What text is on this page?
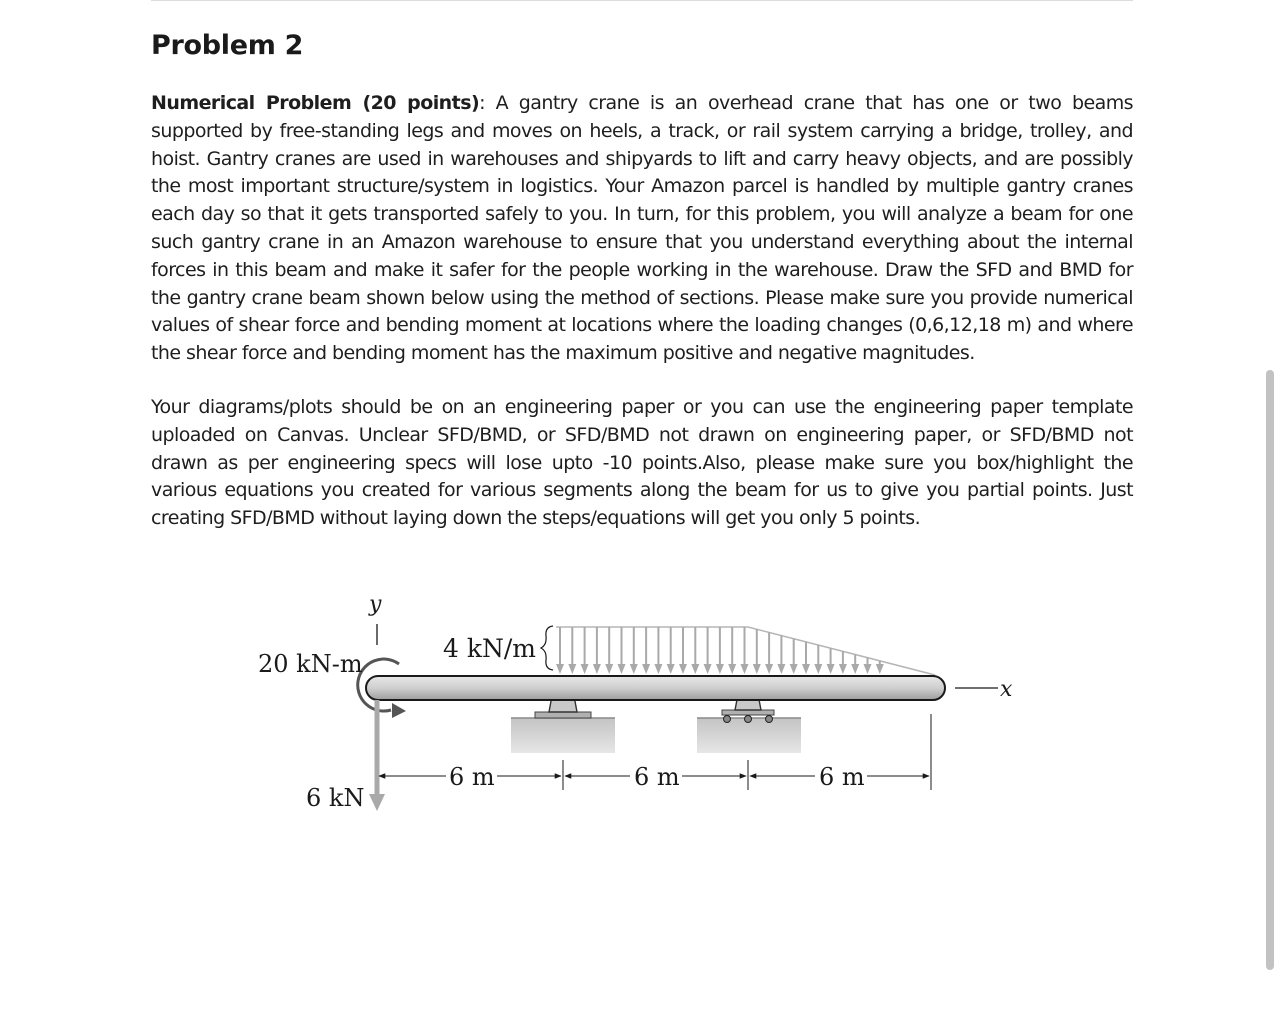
Problem 2

Numerical Problem (20 points): A gantry crane is an overhead crane that has one or two beams supported by free-standing legs and moves on heels, a track, or rail system carrying a bridge, trolley, and hoist. Gantry cranes are used in warehouses and shipyards to lift and carry heavy objects, and are possibly the most important structure/system in logistics. Your Amazon parcel is handled by multiple gantry cranes each day so that it gets transported safely to you. In turn, for this problem, you will analyze a beam for one such gantry crane in an Amazon warehouse to ensure that you understand everything about the internal forces in this beam and make it safer for the people working in the warehouse. Draw the SFD and BMD for the gantry crane beam shown below using the method of sections. Please make sure you provide numerical values of shear force and bending moment at locations where the loading changes (0,6,12,18 m) and where the shear force and bending moment has the maximum positive and negative magnitudes.

Your diagrams/plots should be on an engineering paper or you can use the engineering paper template uploaded on Canvas. Unclear SFD/BMD, or SFD/BMD not drawn on engineering paper, or SFD/BMD not drawn as per engineering specs will lose upto -10 points.Also, please make sure you box/highlight the various equations you created for various segments along the beam for us to give you partial points. Just creating SFD/BMD without laying down the steps/equations will get you only 5 points.

4 kN/m
y
x
20 kN-m
6 kN
6 m	6 m	6 m
